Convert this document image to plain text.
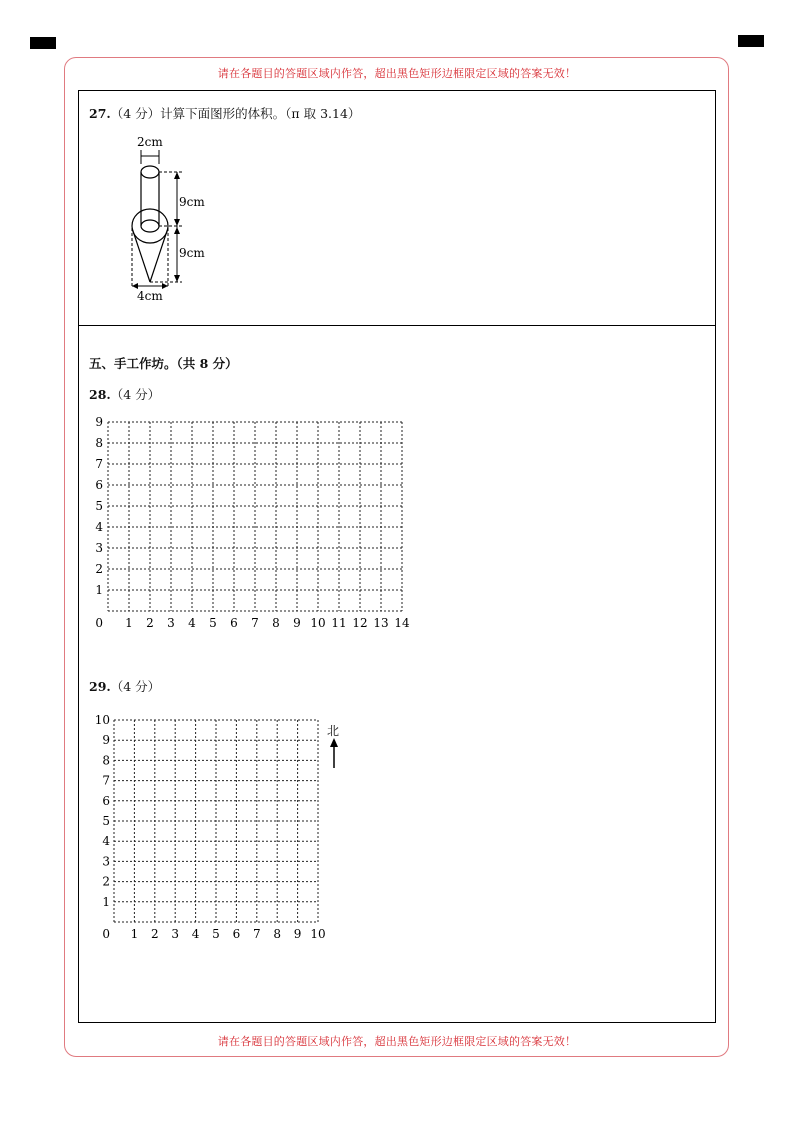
请在各题目的答题区域内作答，超出黑色矩形边框限定区域的答案无效！
请在各题目的答题区域内作答，超出黑色矩形边框限定区域的答案无效！
27.（4 分）计算下面图形的体积。（π 取 3.14）
2cm
9cm
9cm
4cm
五、手工作坊。（共 8 分）
28.（4 分）
1 2 3 4 5 6 7 8 9 10 11 12 13 14
1
2
3
4
5
6
7
8
9
0
29.（4 分）
1 2 3 4 5 6 7 8 9 10
1
2
3
4
5
6
7
8
9
10
0
北
